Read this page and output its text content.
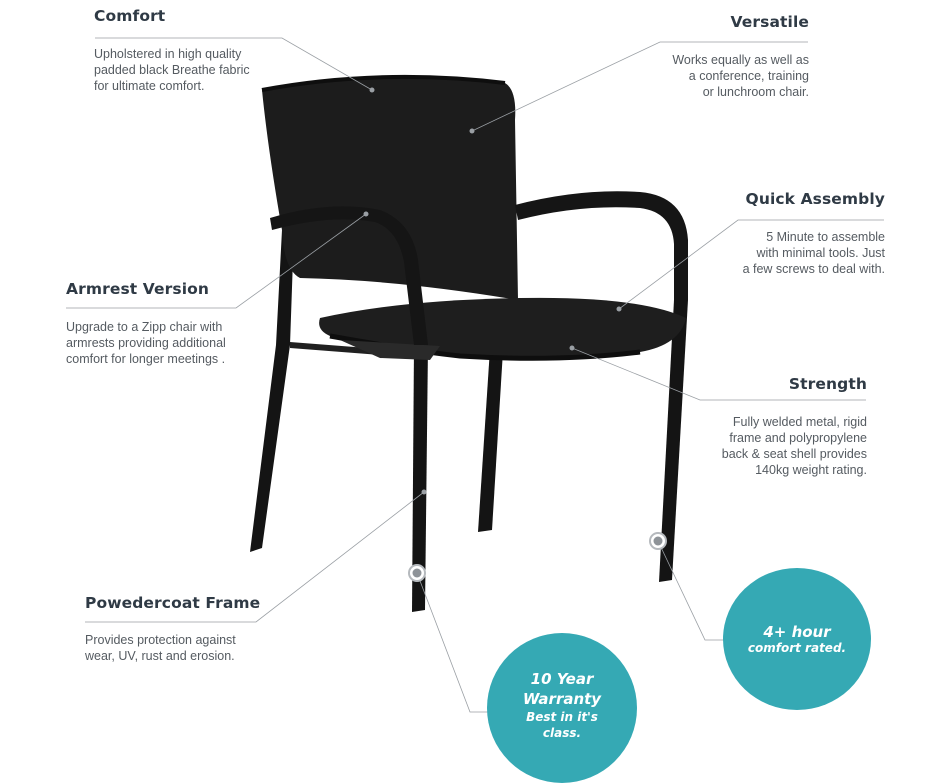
Comfort

Upholstered in high quality
padded black Breathe fabric
for ultimate comfort.

Versatile

Works equally as well as
a conference, training
or lunchroom chair.

Quick Assembly

5 Minute to assemble
with minimal tools. Just
a few screws to deal with.

Armrest Version

Upgrade to a Zipp chair with
armrests providing additional
comfort for longer meetings .

Strength

Fully welded metal, rigid
frame and polypropylene
back & seat shell provides
140kg weight rating.

Powedercoat Frame

Provides protection against
wear, UV, rust and erosion.

4+ hour
comfort rated.
10 Year
Warranty
Best in it's
class.
